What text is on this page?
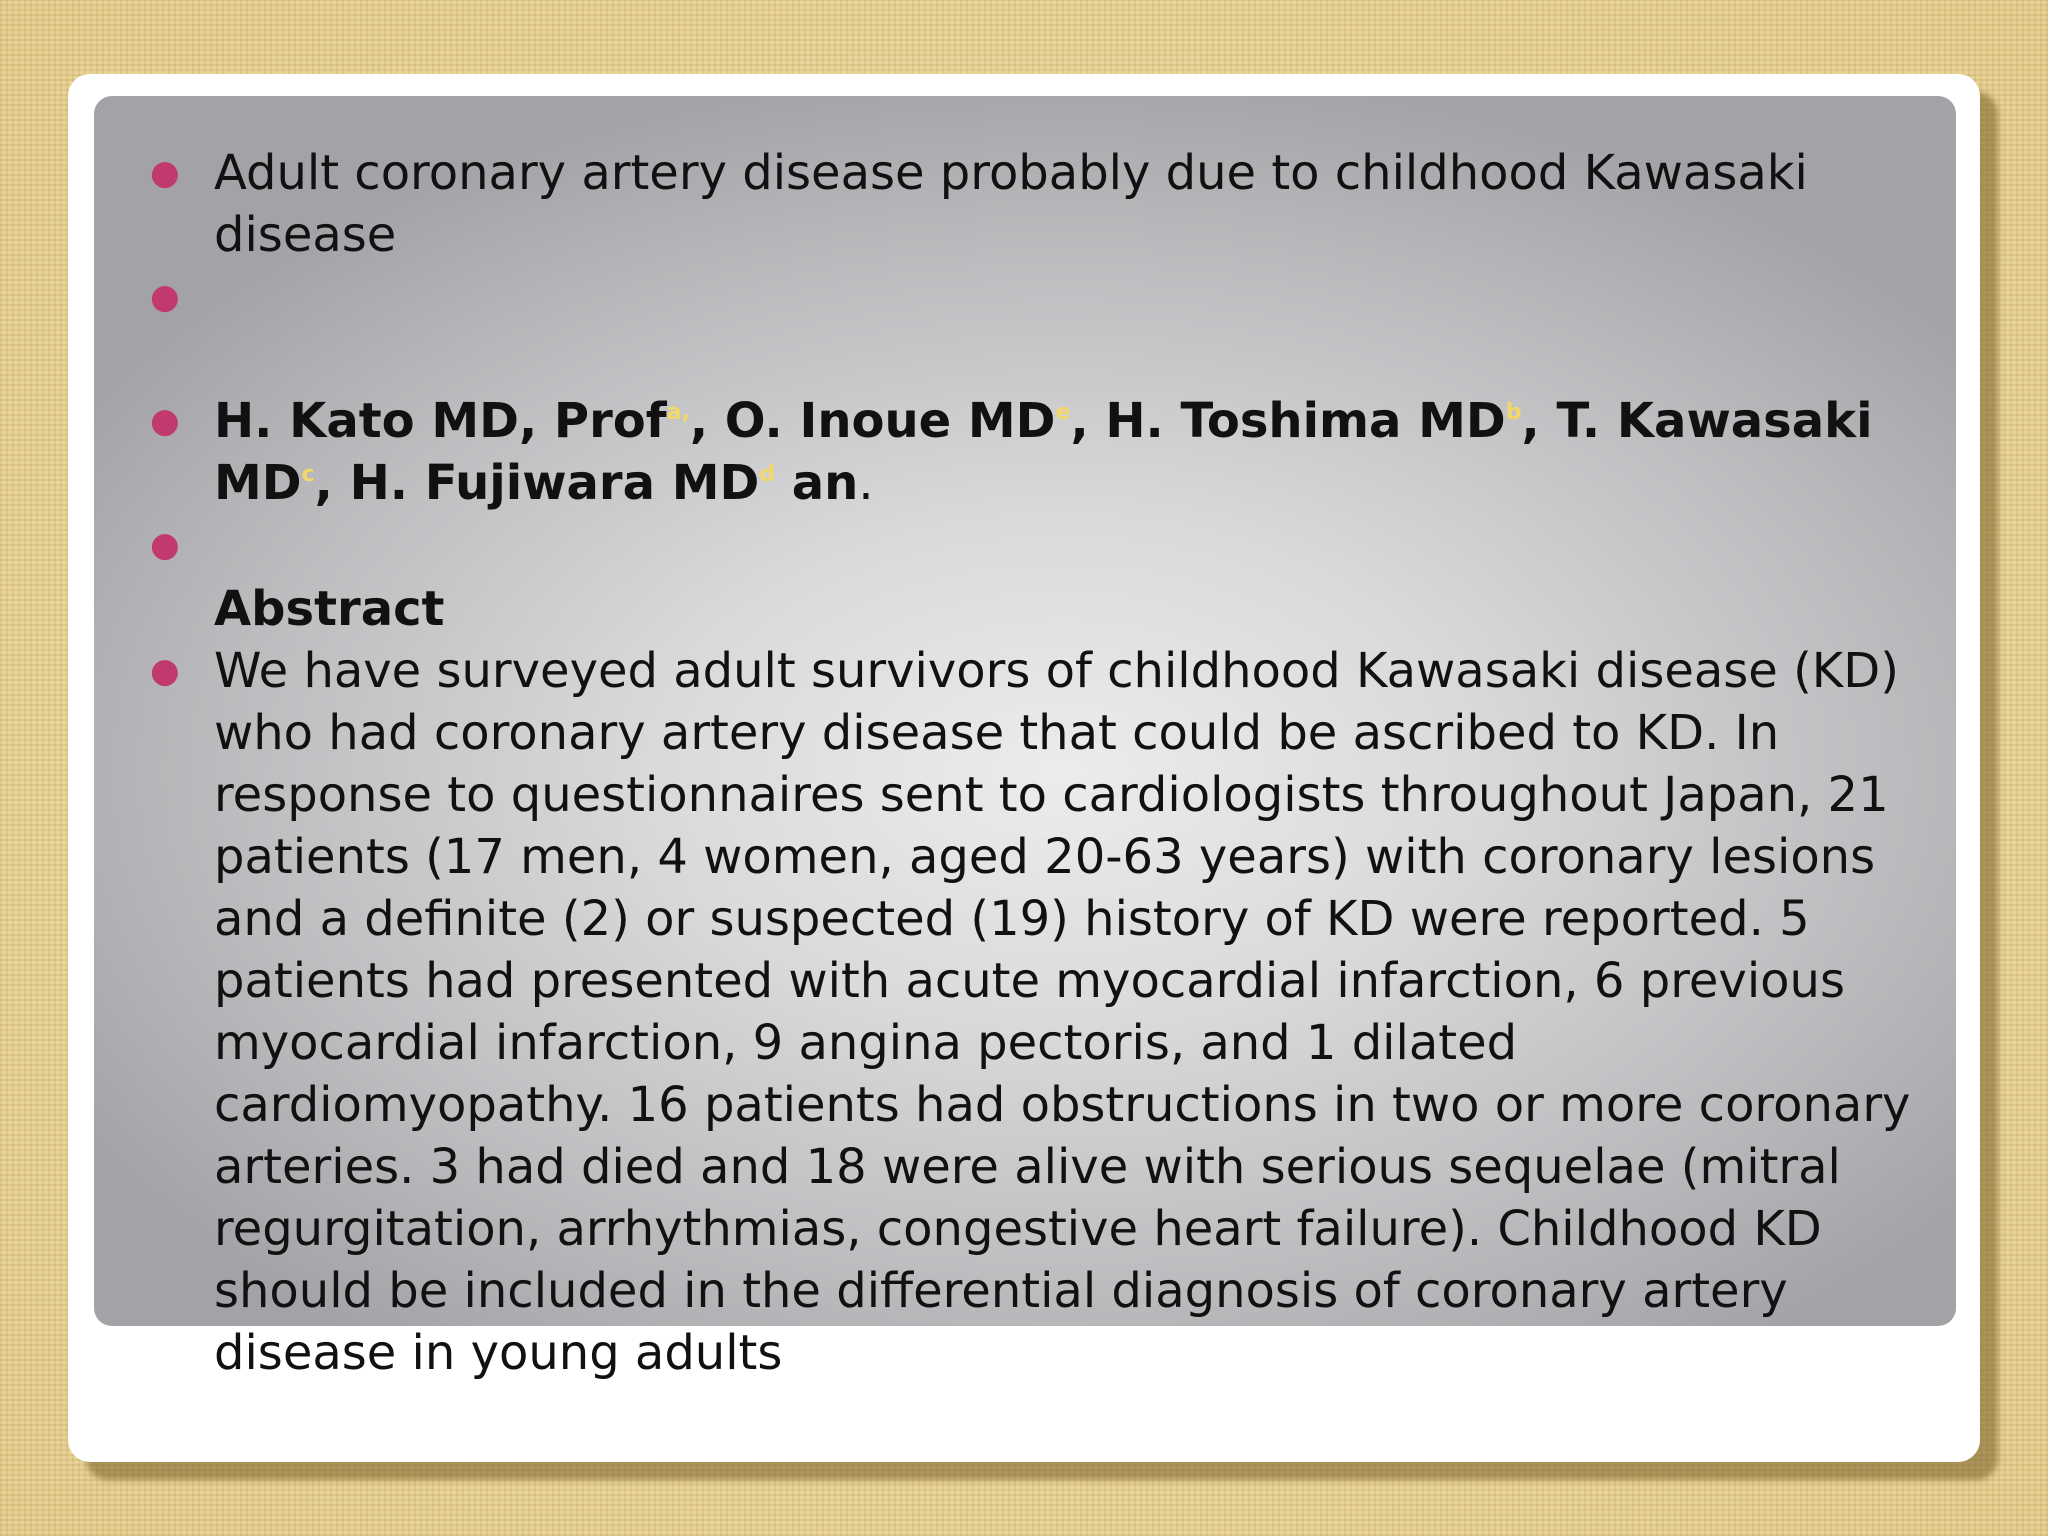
● Adult coronary artery disease probably due to childhood Kawasaki disease
●
● H. Kato MD, Prof$^{a,}$, O. Inoue MDe, H. Toshima MD$^b$, T. Kawasaki MD$^c$, H. Fujiwara MD$^d$ an.
●
Abstract
● We have surveyed adult survivors of childhood Kawasaki disease (KD) who had coronary artery disease that could be ascribed to KD. In response to questionnaires sent to cardiologists throughout Japan, 21 patients (17 men, 4 women, aged 20-63 years) with coronary lesions and a definite (2) or suspected (19) history of KD were reported. 5 patients had presented with acute myocardial infarction, 6 previous myocardial infarction, 9 angina pectoris, and 1 dilated cardiomyopathy. 16 patients had obstructions in two or more coronary arteries. 3 had died and 18 were alive with serious sequelae (mitral regurgitation, arrhythmias, congestive heart failure). Childhood KD should be included in the differential diagnosis of coronary artery disease in young adults
